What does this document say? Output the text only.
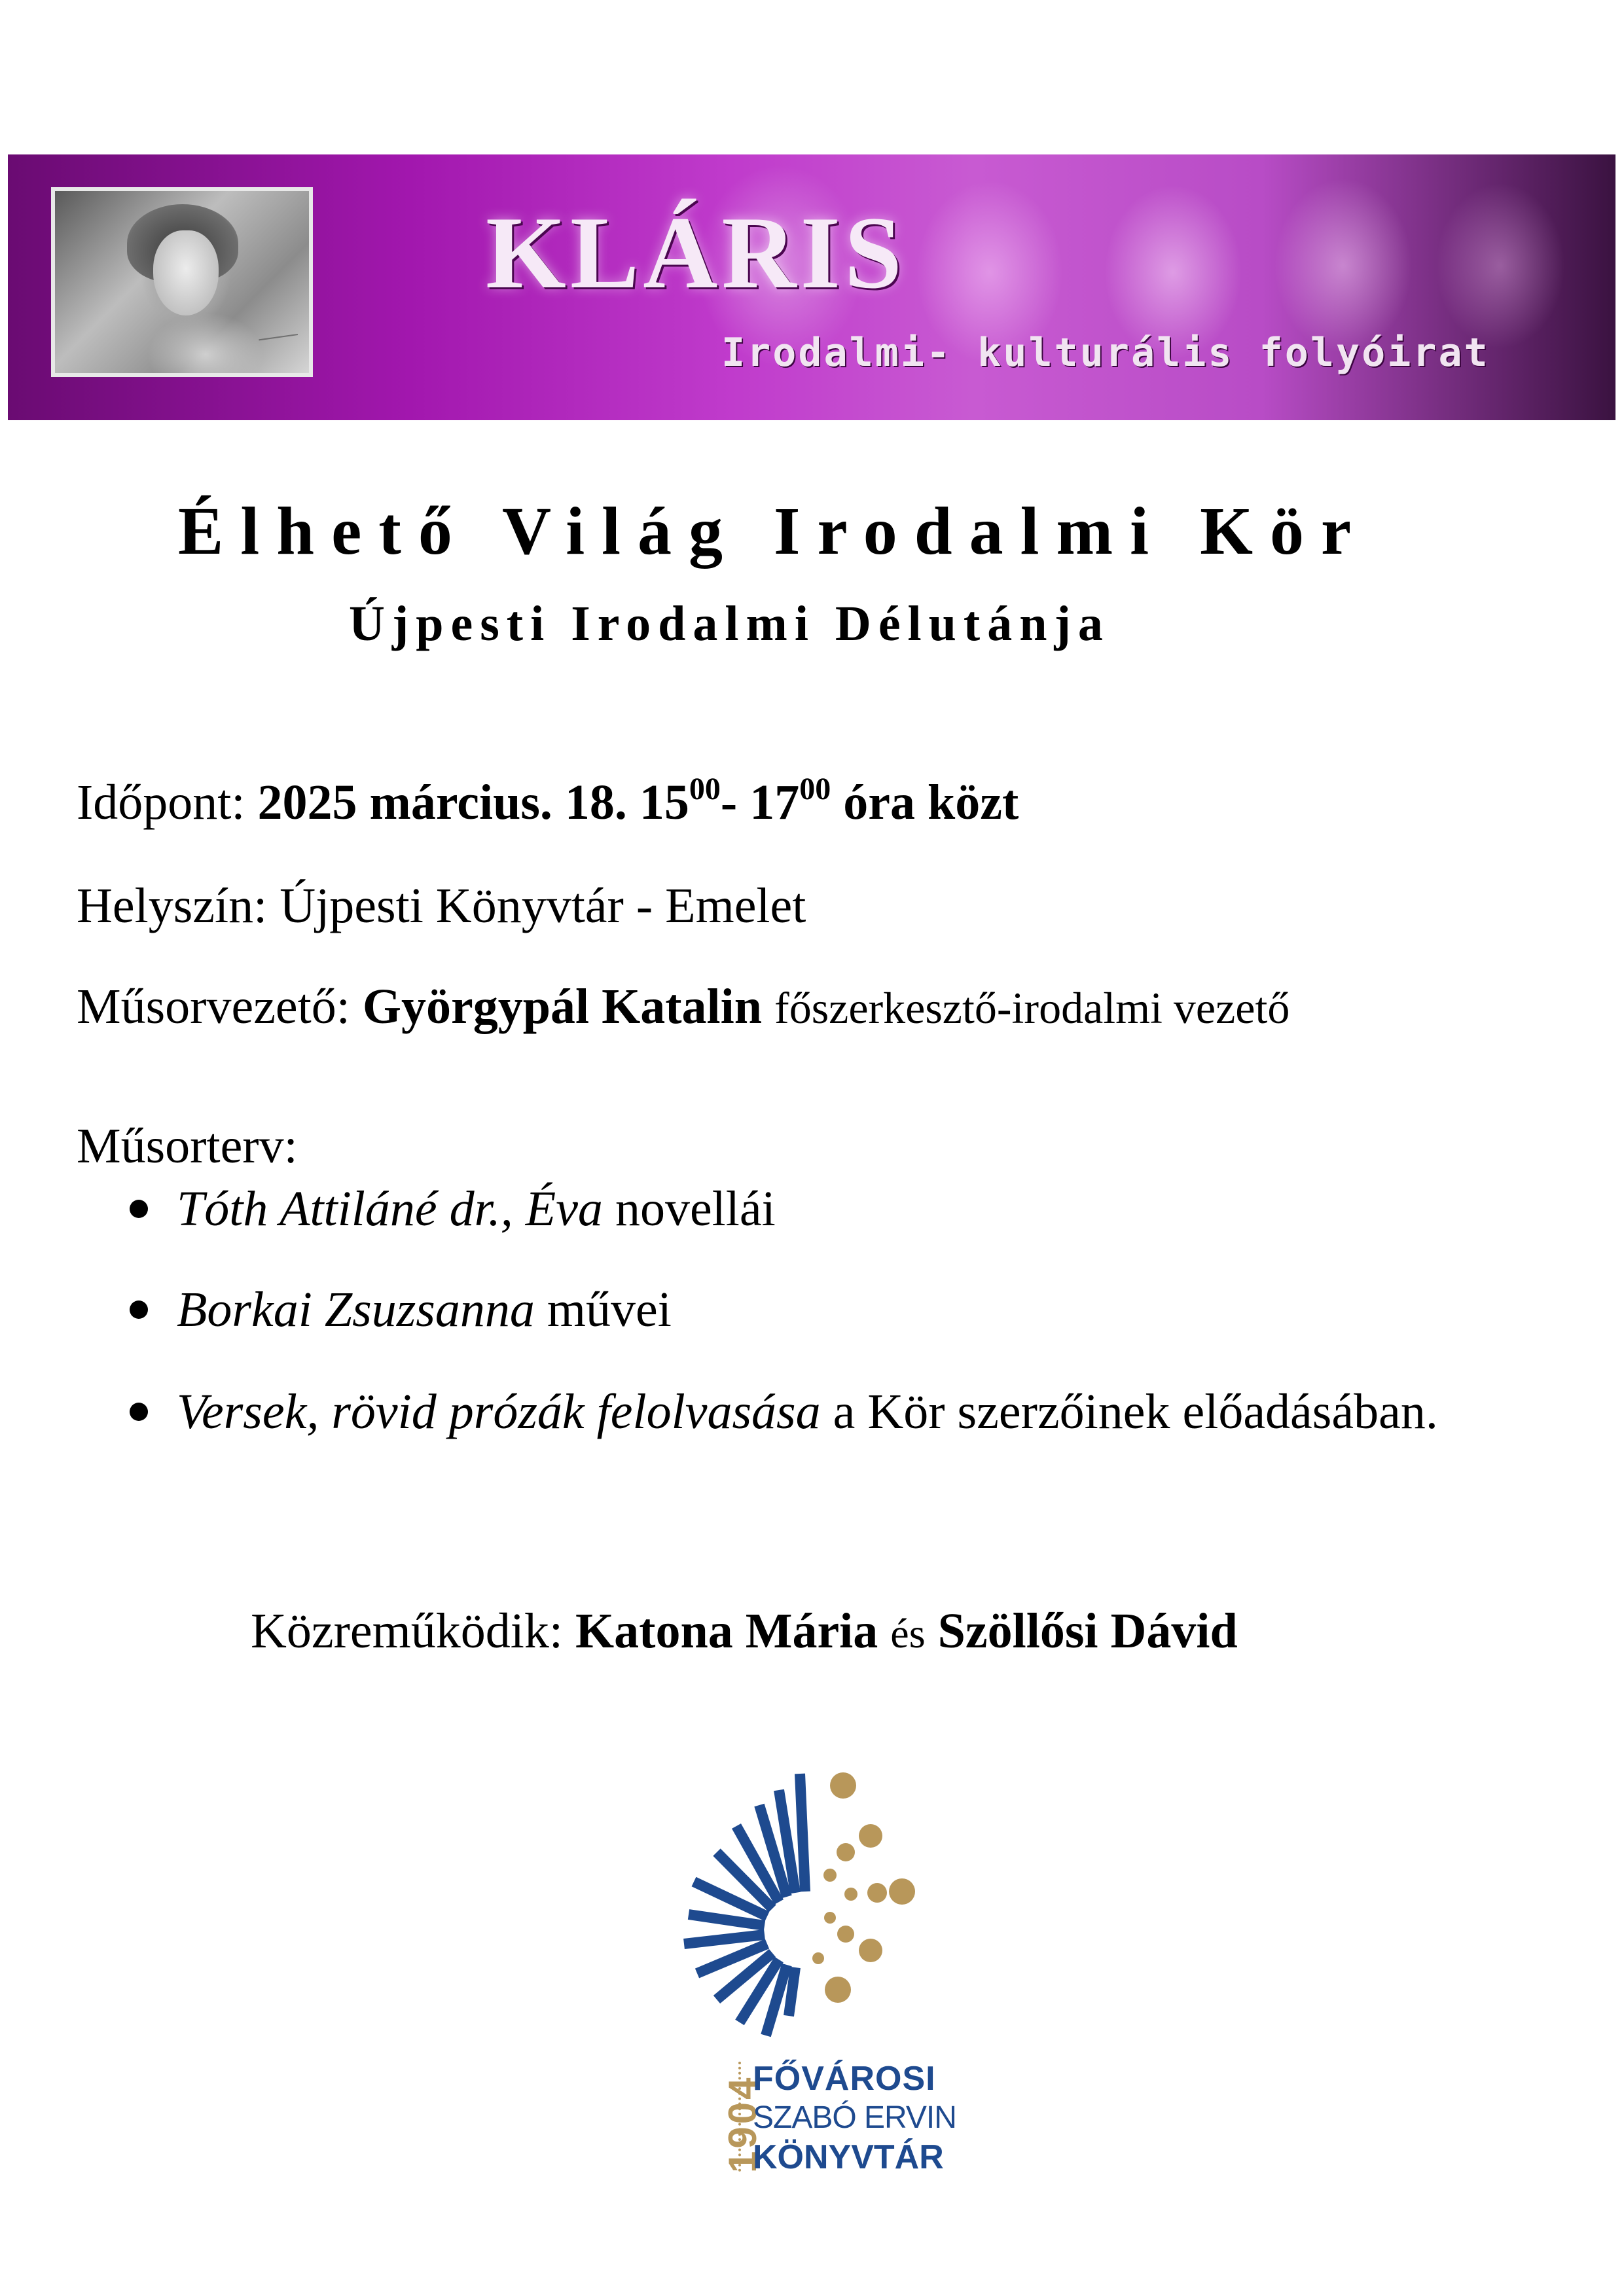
KLÁRIS

Irodalmi- kulturális folyóirat

Élhető Világ Irodalmi Kör
Újpesti Irodalmi Délutánja

Időpont: 2025 március. 18. $15^{00}-$ $17^{00}$ óra közt

Helyszín: Újpesti Könyvtár - Emelet

Műsorvezető: Györgypál Katalin főszerkesztő-irodalmi vezető

Műsorterv:

Tóth Attiláné dr., Éva novellái
Borkai Zsuzsanna művei
Versek, rövid prózák felolvasása a Kör szerzőinek előadásában.

Közreműködik: Katona Mária és Szöllősi Dávid

1904
FŐVÁROSI
SZABÓ ERVIN
KÖNYVTÁR
